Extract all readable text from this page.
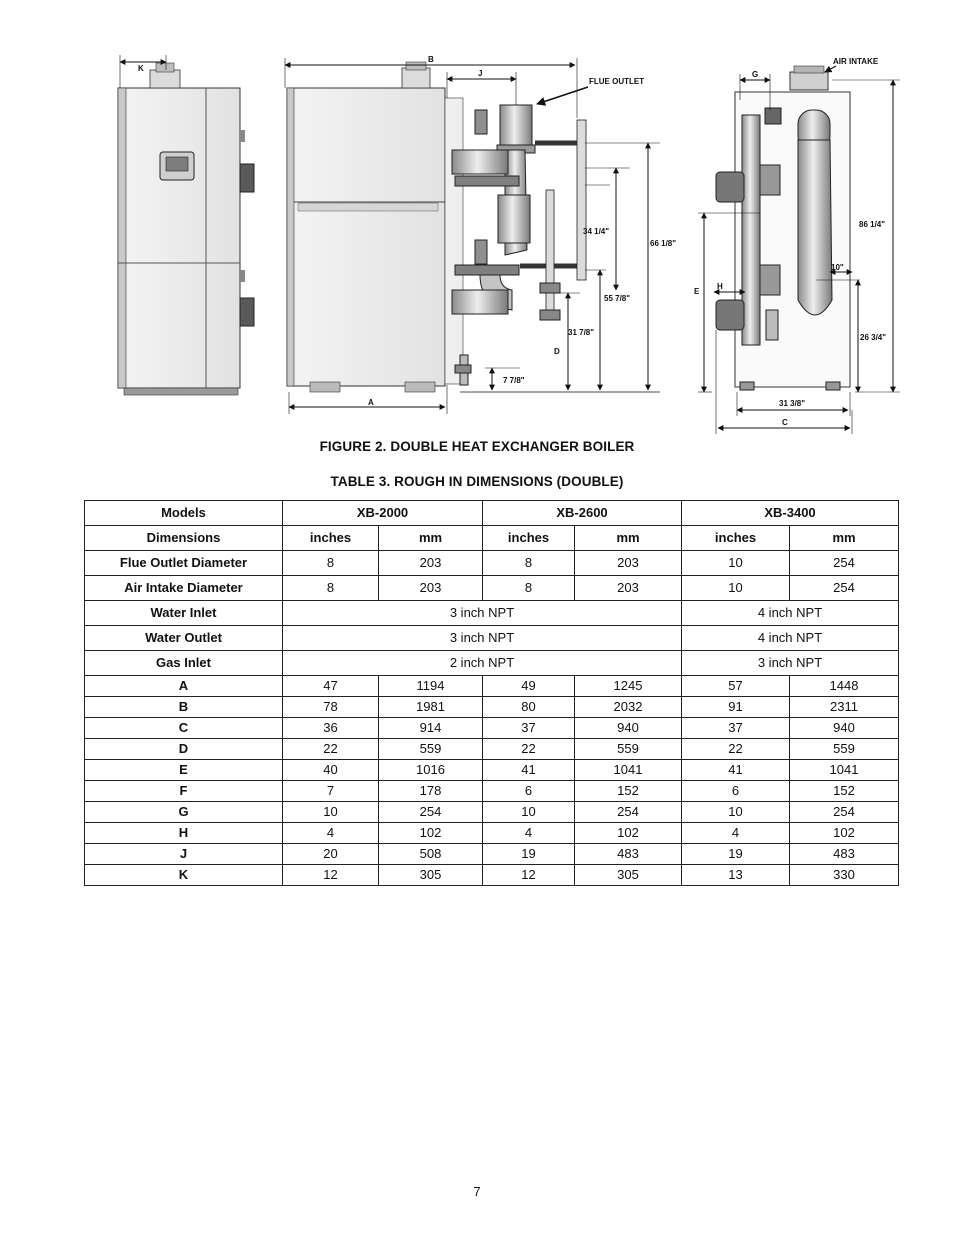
K
B
J
FLUE OUTLET
A
66 1/8"
34 1/4"
55 7/8"
31 7/8"
D
7 7/8"
AIR INTAKE
G
86 1/4"
10"
26 3/4"
E
H
31 3/8"
C
FIGURE 2. DOUBLE HEAT EXCHANGER BOILER
TABLE 3. ROUGH IN DIMENSIONS (DOUBLE)
Models	XB-2000		XB-2600		XB-3400	
Dimensions	inches	mm	inches	mm	inches	mm
Flue Outlet Diameter	8	203	8	203	10	254
Air Intake Diameter	8	203	8	203	10	254
Water Inlet	3 inch NPT				4 inch NPT	
Water Outlet	3 inch NPT				4 inch NPT	
Gas Inlet	2 inch NPT				3 inch NPT	
A	47	1194	49	1245	57	1448
B	78	1981	80	2032	91	2311
C	36	914	37	940	37	940
D	22	559	22	559	22	559
E	40	1016	41	1041	41	1041
F	7	178	6	152	6	152
G	10	254	10	254	10	254
H	4	102	4	102	4	102
J	20	508	19	483	19	483
K	12	305	12	305	13	330
7
